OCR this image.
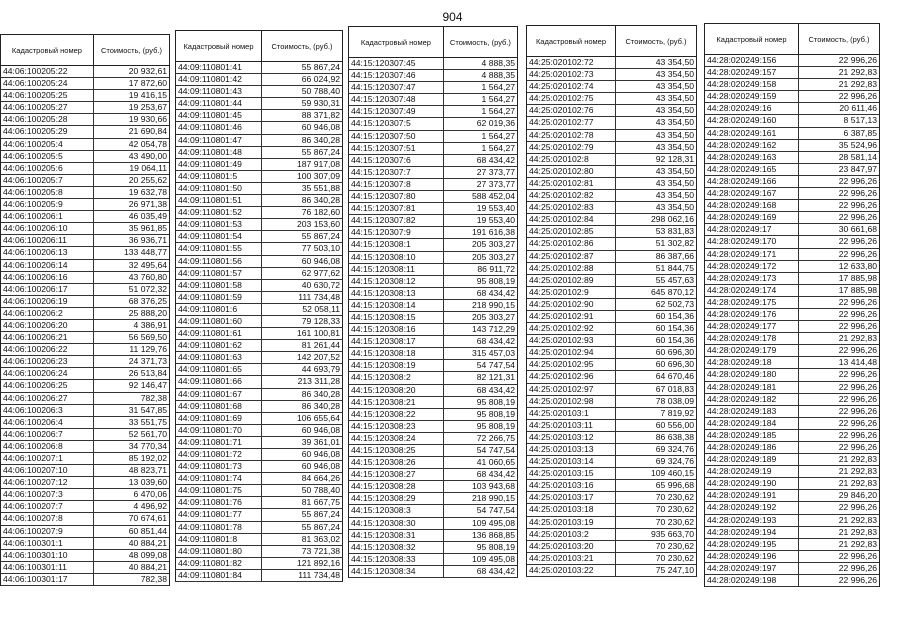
904
Кадастровый номер	Стоимость, (руб.)
44:06:100205:22	20 932,61
44:06:100205:24	17 872,60
44:06:100205:25	19 416,15
44:06:100205:27	19 253,67
44:06:100205:28	19 930,66
44:06:100205:29	21 690,84
44:06:100205:4	42 054,78
44:06:100205:5	43 490,00
44:06:100205:6	19 064,11
44:06:100205:7	20 255,62
44:06:100205:8	19 632,78
44:06:100205:9	26 971,38
44:06:100206:1	46 035,49
44:06:100206:10	35 961,85
44:06:100206:11	36 936,71
44:06:100206:13	133 448,77
44:06:100206:14	32 495,64
44:06:100206:16	43 760,80
44:06:100206:17	51 072,32
44:06:100206:19	68 376,25
44:06:100206:2	25 888,20
44:06:100206:20	4 386,91
44:06:100206:21	56 569,50
44:06:100206:22	11 129,76
44:06:100206:23	24 371,73
44:06:100206:24	26 513,84
44:06:100206:25	92 146,47
44:06:100206:27	782,38
44:06:100206:3	31 547,85
44:06:100206:4	33 551,75
44:06:100206:7	52 561,70
44:06:100206:8	34 770,34
44:06:100207:1	85 192,02
44:06:100207:10	48 823,71
44:06:100207:12	13 039,60
44:06:100207:3	6 470,06
44:06:100207:7	4 496,92
44:06:100207:8	70 674,61
44:06:100207:9	60 851,44
44:06:100301:1	40 884,21
44:06:100301:10	48 099,08
44:06:100301:11	40 884,21
44:06:100301:17	782,38
Кадастровый номер	Стоимость, (руб.)
44:09:110801:41	55 867,24
44:09:110801:42	66 024,92
44:09:110801:43	50 788,40
44:09:110801:44	59 930,31
44:09:110801:45	88 371,82
44:09:110801:46	60 946,08
44:09:110801:47	86 340,28
44:09:110801:48	55 867,24
44:09:110801:49	187 917,08
44:09:110801:5	100 307,09
44:09:110801:50	35 551,88
44:09:110801:51	86 340,28
44:09:110801:52	76 182,60
44:09:110801:53	203 153,60
44:09:110801:54	55 867,24
44:09:110801:55	77 503,10
44:09:110801:56	60 946,08
44:09:110801:57	62 977,62
44:09:110801:58	40 630,72
44:09:110801:59	111 734,48
44:09:110801:6	52 058,11
44:09:110801:60	79 128,33
44:09:110801:61	161 100,81
44:09:110801:62	81 261,44
44:09:110801:63	142 207,52
44:09:110801:65	44 693,79
44:09:110801:66	213 311,28
44:09:110801:67	86 340,28
44:09:110801:68	86 340,28
44:09:110801:69	106 655,64
44:09:110801:70	60 946,08
44:09:110801:71	39 361,01
44:09:110801:72	60 946,08
44:09:110801:73	60 946,08
44:09:110801:74	84 664,26
44:09:110801:75	50 788,40
44:09:110801:76	81 667,75
44:09:110801:77	55 867,24
44:09:110801:78	55 867,24
44:09:110801:8	81 363,02
44:09:110801:80	73 721,38
44:09:110801:82	121 892,16
44:09:110801:84	111 734,48
Кадастровый номер	Стоимость, (руб.)
44:15:120307:45	4 888,35
44:15:120307:46	4 888,35
44:15:120307:47	1 564,27
44:15:120307:48	1 564,27
44:15:120307:49	1 564,27
44:15:120307:5	62 019,36
44:15:120307:50	1 564,27
44:15:120307:51	1 564,27
44:15:120307:6	68 434,42
44:15:120307:7	27 373,77
44:15:120307:8	27 373,77
44:15:120307:80	588 452,04
44:15:120307:81	19 553,40
44:15:120307:82	19 553,40
44:15:120307:9	191 616,38
44:15:120308:1	205 303,27
44:15:120308:10	205 303,27
44:15:120308:11	86 911,72
44:15:120308:12	95 808,19
44:15:120308:13	68 434,42
44:15:120308:14	218 990,15
44:15:120308:15	205 303,27
44:15:120308:16	143 712,29
44:15:120308:17	68 434,42
44:15:120308:18	315 457,03
44:15:120308:19	54 747,54
44:15:120308:2	82 121,31
44:15:120308:20	68 434,42
44:15:120308:21	95 808,19
44:15:120308:22	95 808,19
44:15:120308:23	95 808,19
44:15:120308:24	72 266,75
44:15:120308:25	54 747,54
44:15:120308:26	41 060,65
44:15:120308:27	68 434,42
44:15:120308:28	103 943,68
44:15:120308:29	218 990,15
44:15:120308:3	54 747,54
44:15:120308:30	109 495,08
44:15:120308:31	136 868,85
44:15:120308:32	95 808,19
44:15:120308:33	109 495,08
44:15:120308:34	68 434,42
Кадастровый номер	Стоимость, (руб.)
44:25:020102:72	43 354,50
44:25:020102:73	43 354,50
44:25:020102:74	43 354,50
44:25:020102:75	43 354,50
44:25:020102:76	43 354,50
44:25:020102:77	43 354,50
44:25:020102:78	43 354,50
44:25:020102:79	43 354,50
44:25:020102:8	92 128,31
44:25:020102:80	43 354,50
44:25:020102:81	43 354,50
44:25:020102:82	43 354,50
44:25:020102:83	43 354,50
44:25:020102:84	298 062,16
44:25:020102:85	53 831,83
44:25:020102:86	51 302,82
44:25:020102:87	86 387,66
44:25:020102:88	51 844,75
44:25:020102:89	55 457,63
44:25:020102:9	645 870,12
44:25:020102:90	62 502,73
44:25:020102:91	60 154,36
44:25:020102:92	60 154,36
44:25:020102:93	60 154,36
44:25:020102:94	60 696,30
44:25:020102:95	60 696,30
44:25:020102:96	64 670,46
44:25:020102:97	67 018,83
44:25:020102:98	78 038,09
44:25:020103:1	7 819,92
44:25:020103:11	60 556,00
44:25:020103:12	86 638,38
44:25:020103:13	69 324,76
44:25:020103:14	69 324,76
44:25:020103:15	109 460,15
44:25:020103:16	65 996,68
44:25:020103:17	70 230,62
44:25:020103:18	70 230,62
44:25:020103:19	70 230,62
44:25:020103:2	935 663,70
44:25:020103:20	70 230,62
44:25:020103:21	70 230,62
44:25:020103:22	75 247,10
Кадастровый номер	Стоимость, (руб.)
44:28:020249:156	22 996,26
44:28:020249:157	21 292,83
44:28:020249:158	21 292,83
44:28:020249:159	22 996,26
44:28:020249:16	20 611,46
44:28:020249:160	8 517,13
44:28:020249:161	6 387,85
44:28:020249:162	35 524,96
44:28:020249:163	28 581,14
44:28:020249:165	23 847,97
44:28:020249:166	22 996,26
44:28:020249:167	22 996,26
44:28:020249:168	22 996,26
44:28:020249:169	22 996,26
44:28:020249:17	30 661,68
44:28:020249:170	22 996,26
44:28:020249:171	22 996,26
44:28:020249:172	12 633,80
44:28:020249:173	17 885,98
44:28:020249:174	17 885,98
44:28:020249:175	22 996,26
44:28:020249:176	22 996,26
44:28:020249:177	22 996,26
44:28:020249:178	21 292,83
44:28:020249:179	22 996,26
44:28:020249:18	13 414,48
44:28:020249:180	22 996,26
44:28:020249:181	22 996,26
44:28:020249:182	22 996,26
44:28:020249:183	22 996,26
44:28:020249:184	22 996,26
44:28:020249:185	22 996,26
44:28:020249:186	22 996,26
44:28:020249:189	21 292,83
44:28:020249:19	21 292,83
44:28:020249:190	21 292,83
44:28:020249:191	29 846,20
44:28:020249:192	22 996,26
44:28:020249:193	21 292,83
44:28:020249:194	21 292,83
44:28:020249:195	21 292,83
44:28:020249:196	22 996,26
44:28:020249:197	22 996,26
44:28:020249:198	22 996,26
